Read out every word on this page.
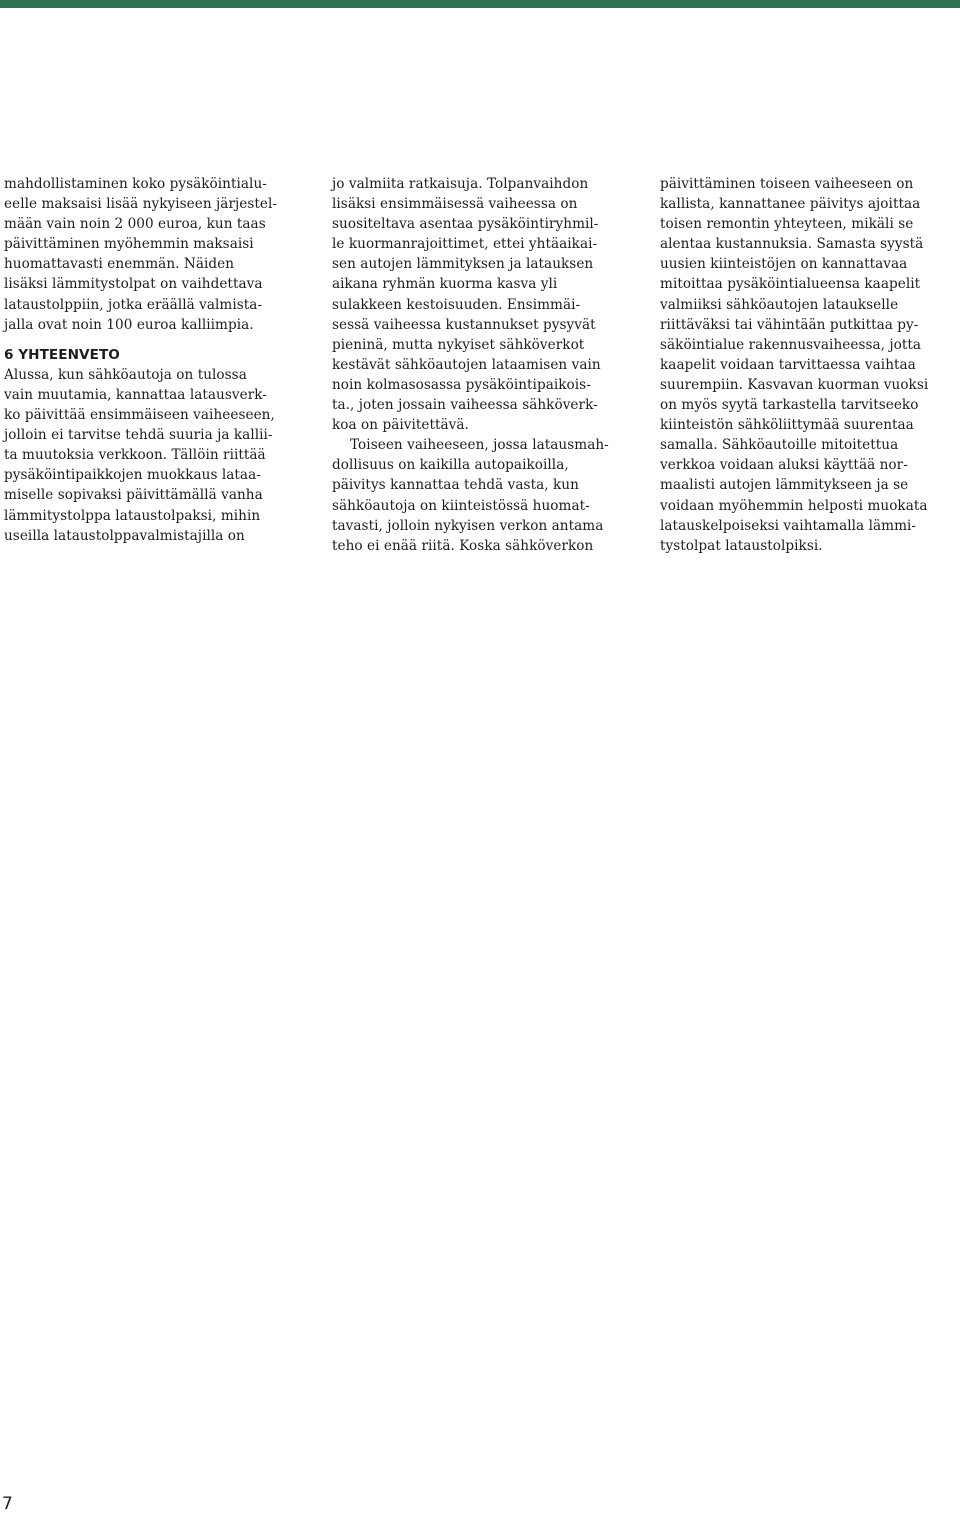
mahdollistaminen koko pysäköintialu-
eelle maksaisi lisää nykyiseen järjestel-
mään vain noin 2 000 euroa, kun taas
päivittäminen myöhemmin maksaisi
huomattavasti enemmän. Näiden
lisäksi lämmitystolpat on vaihdettava
lataustolppiin, jotka eräällä valmista-
jalla ovat noin 100 euroa kalliimpia.
6 YHTEENVETO
Alussa, kun sähköautoja on tulossa
vain muutamia, kannattaa latausverk-
ko päivittää ensimmäiseen vaiheeseen,
jolloin ei tarvitse tehdä suuria ja kallii-
ta muutoksia verkkoon. Tällöin riittää
pysäköintipaikkojen muokkaus lataa-
miselle sopivaksi päivittämällä vanha
lämmitystolppa lataustolpaksi, mihin
useilla lataustolppavalmistajilla on
jo valmiita ratkaisuja. Tolpanvaihdon
lisäksi ensimmäisessä vaiheessa on
suositeltava asentaa pysäköintiryhmil-
le kuormanrajoittimet, ettei yhtäaikai-
sen autojen lämmityksen ja latauksen
aikana ryhmän kuorma kasva yli
sulakkeen kestoisuuden. Ensimmäi-
sessä vaiheessa kustannukset pysyvät
pieninä, mutta nykyiset sähköverkot
kestävät sähköautojen lataamisen vain
noin kolmasosassa pysäköintipaikois-
ta., joten jossain vaiheessa sähköverk-
koa on päivitettävä.
Toiseen vaiheeseen, jossa latausmah-
dollisuus on kaikilla autopaikoilla,
päivitys kannattaa tehdä vasta, kun
sähköautoja on kiinteistössä huomat-
tavasti, jolloin nykyisen verkon antama
teho ei enää riitä. Koska sähköverkon
päivittäminen toiseen vaiheeseen on
kallista, kannattanee päivitys ajoittaa
toisen remontin yhteyteen, mikäli se
alentaa kustannuksia. Samasta syystä
uusien kiinteistöjen on kannattavaa
mitoittaa pysäköintialueensa kaapelit
valmiiksi sähköautojen lataukselle
riittäväksi tai vähintään putkittaa py-
säköintialue rakennusvaiheessa, jotta
kaapelit voidaan tarvittaessa vaihtaa
suurempiin. Kasvavan kuorman vuoksi
on myös syytä tarkastella tarvitseeko
kiinteistön sähköliittymää suurentaa
samalla. Sähköautoille mitoitettua
verkkoa voidaan aluksi käyttää nor-
maalisti autojen lämmitykseen ja se
voidaan myöhemmin helposti muokata
latauskelpoiseksi vaihtamalla lämmi-
tystolpat lataustolpiksi.
7
